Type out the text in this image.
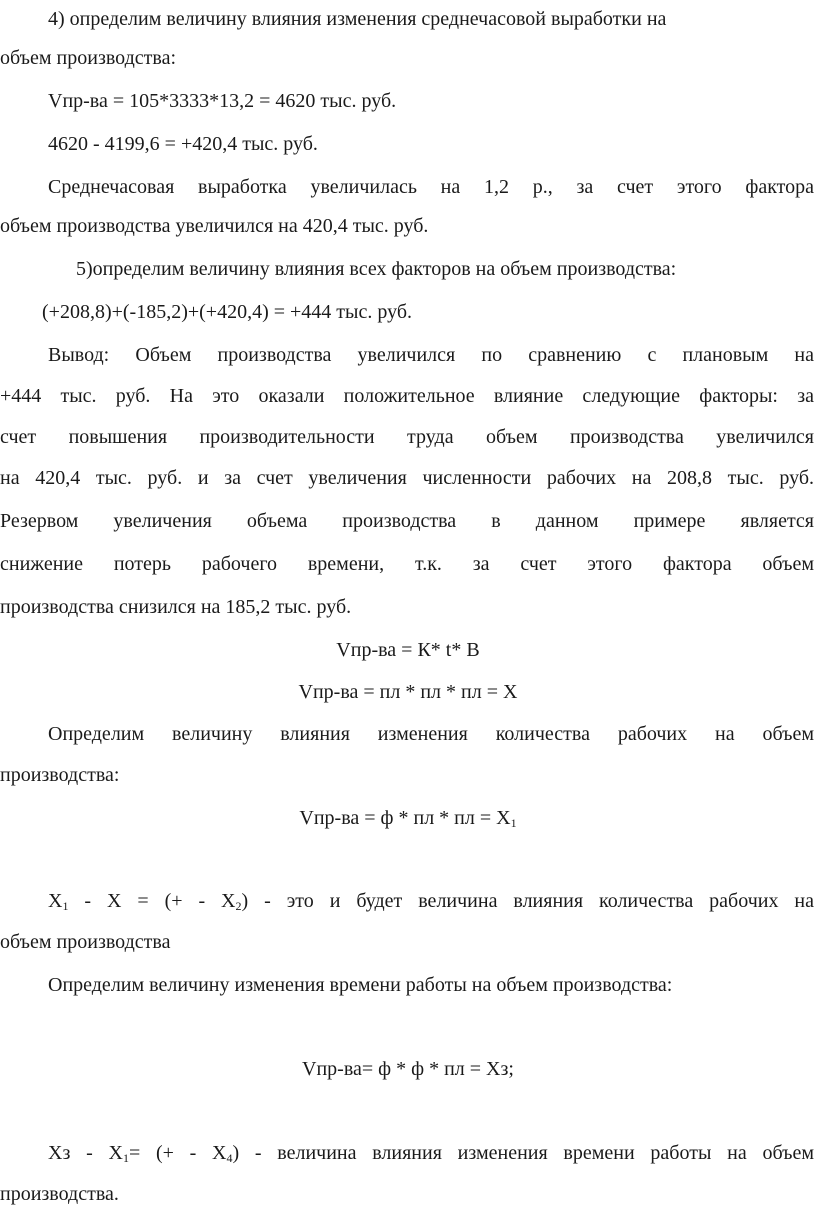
4) определим величину влияния изменения среднечасовой выработки на
объем производства:
Vпр-ва = 105*3333*13,2 = 4620 тыс. руб.
4620 - 4199,6 = +420,4 тыс. руб.
Среднечасовая выработка увеличилась на 1,2 р., за счет этого фактора
объем производства увеличился на 420,4 тыс. руб.
5)определим величину влияния всех факторов на объем производства:
(+208,8)+(-185,2)+(+420,4) = +444 тыс. руб.
Вывод: Объем производства увеличился по сравнению с плановым на
+444 тыс. руб. На это оказали положительное влияние следующие факторы: за
счет повышения производительности труда объем производства увеличился
на 420,4 тыс. руб. и за счет увеличения численности рабочих на 208,8 тыс. руб.
Резервом увеличения объема производства в данном примере является
снижение потерь рабочего времени, т.к. за счет этого фактора объем
производства снизился на 185,2 тыс. руб.
Vпр-ва = К* t* В
Vпр-ва = пл * пл * пл = Х
Определим величину влияния изменения количества рабочих на объем
производства:
Vпр-ва = ф * пл * пл = $Х_1$
$Х_1$ - Х = (+ - $Х_2$) - это и будет величина влияния количества рабочих на
объем производства
Определим величину изменения времени работы на объем производства:
Vпр-ва= ф * ф * пл = Хз;
Хз - $Х_1=$ (+ - $Х_4$) - величина влияния изменения времени работы на объем
производства.
